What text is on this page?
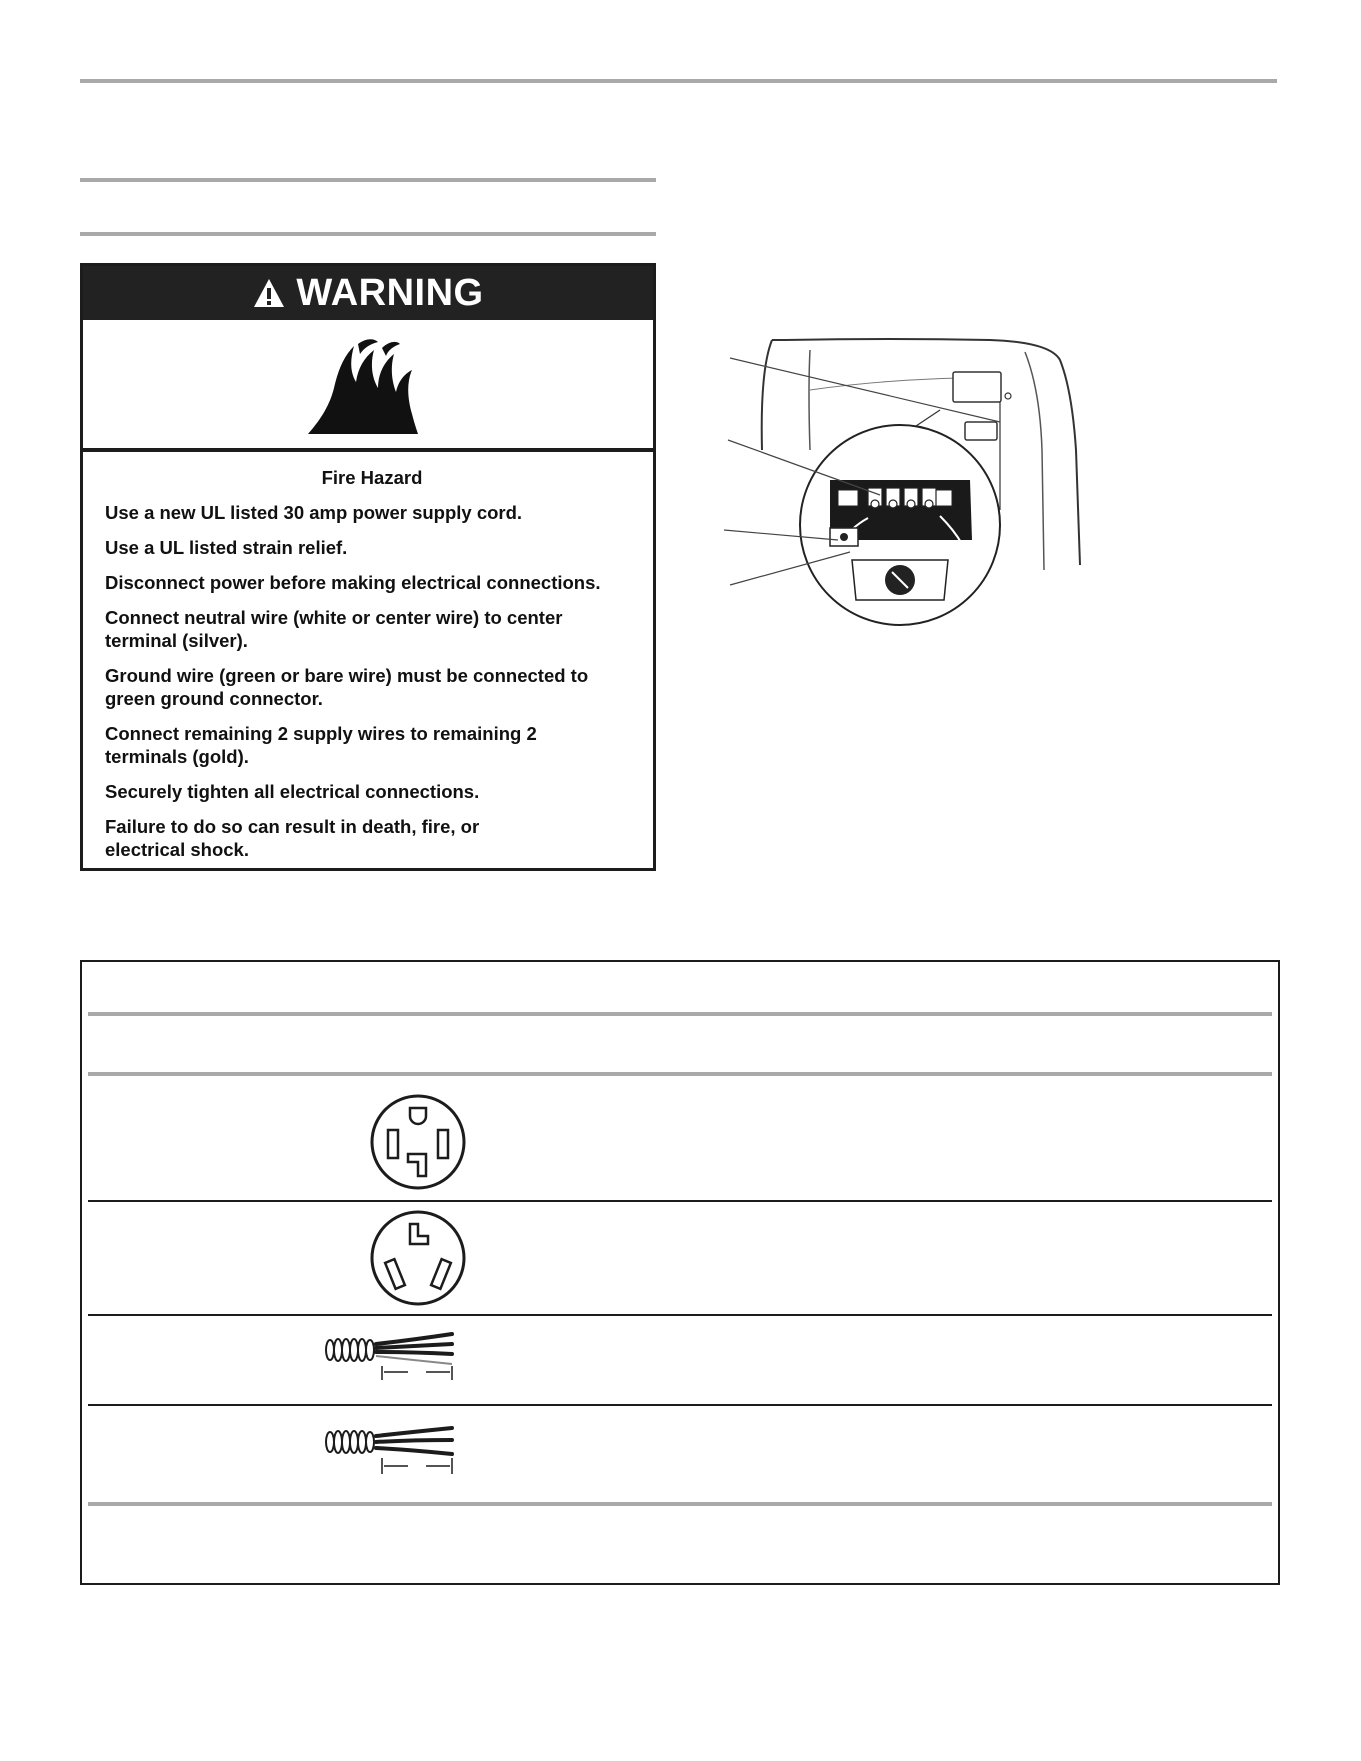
WARNING
Fire Hazard

Use a new UL listed 30 amp power supply cord.

Use a UL listed strain relief.

Disconnect power before making electrical connections.

Connect neutral wire (white or center wire) to center terminal (silver).

Ground wire (green or bare wire) must be connected to green ground connector.

Connect remaining 2 supply wires to remaining 2 terminals (gold).

Securely tighten all electrical connections.

Failure to do so can result in death, fire, or electrical shock.
